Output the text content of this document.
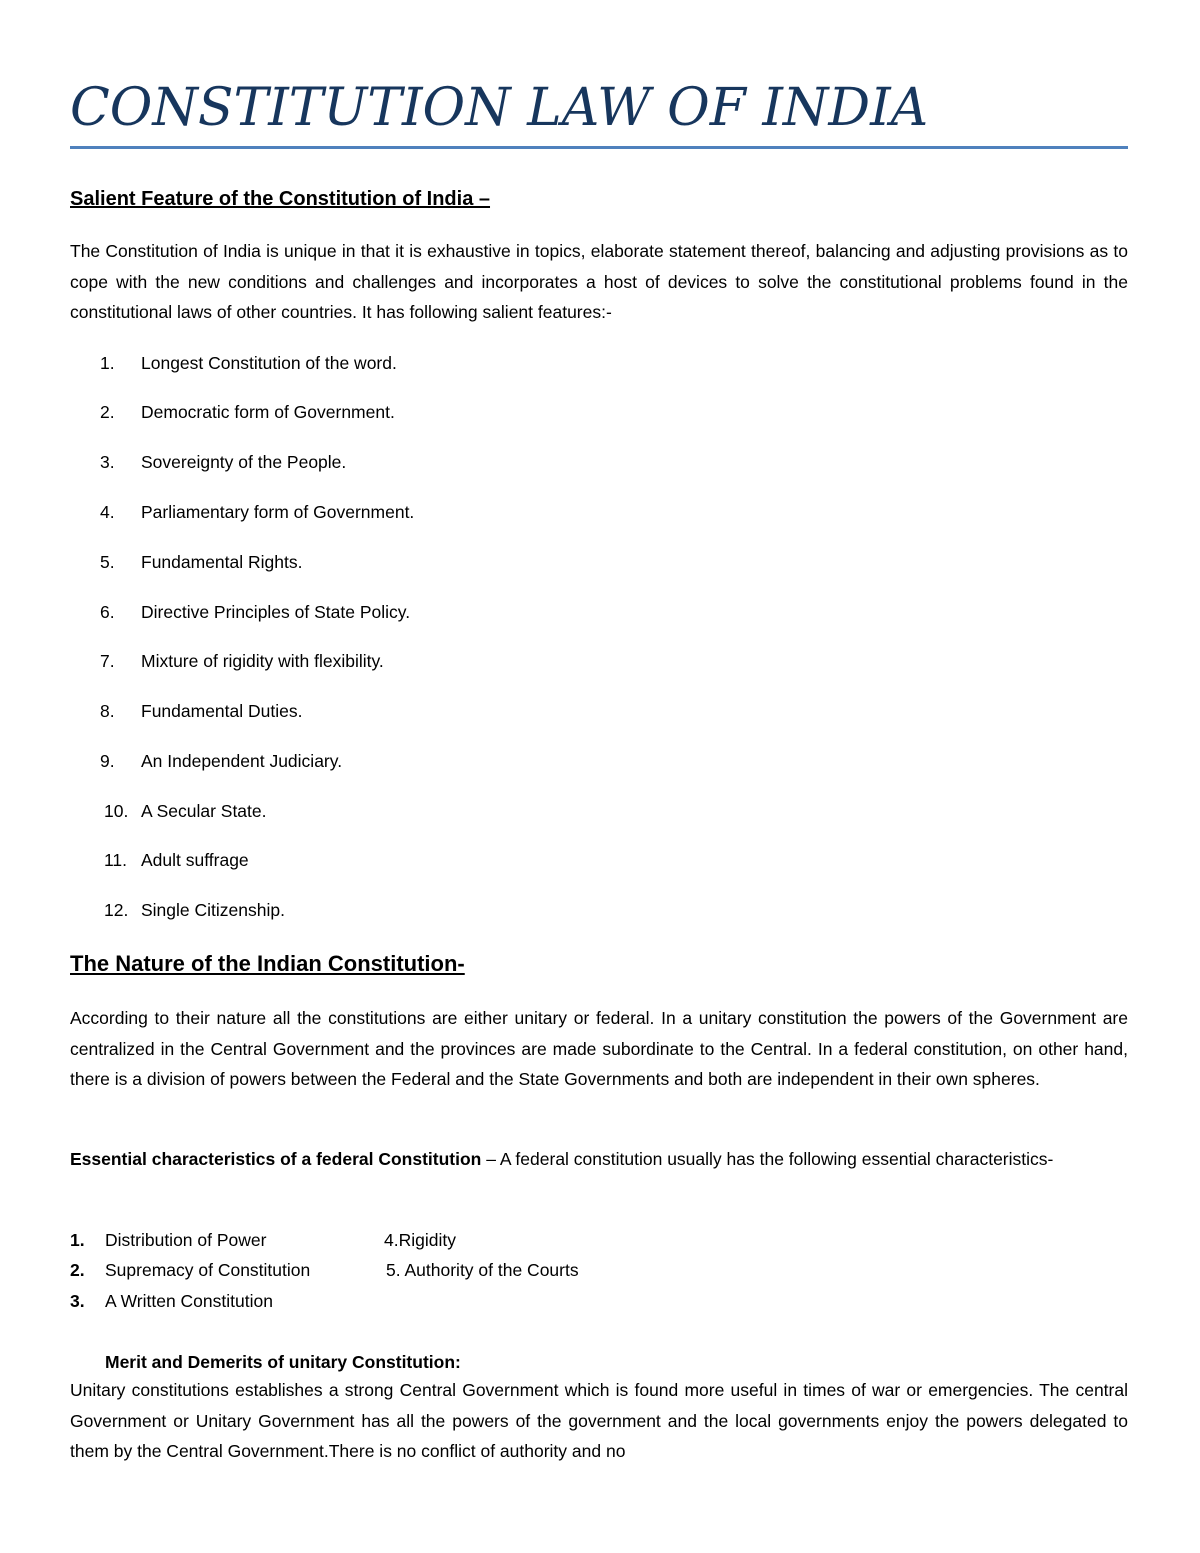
CONSTITUTION LAW OF INDIA
Salient Feature of the Constitution of India –

The Constitution of India is unique in that it is exhaustive in topics, elaborate statement thereof, balancing and adjusting provisions as to cope with the new conditions and challenges and incorporates a host of devices to solve the constitutional problems found in the constitutional laws of other countries. It has following salient features:-

1.	Longest Constitution of the word.
2.	Democratic form of Government.
3.	Sovereignty of the People.
4.	Parliamentary form of Government.
5.	Fundamental Rights.
6.	Directive Principles of State Policy.
7.	Mixture of rigidity with flexibility.
8.	Fundamental Duties.
9.	An Independent Judiciary.
10. A Secular State.
11. Adult suffrage
12. Single Citizenship.
The Nature of the Indian Constitution-

According to their nature all the constitutions are either unitary or federal. In a unitary constitution the powers of the Government are centralized in the Central Government and the provinces are made subordinate to the Central. In a federal constitution, on other hand, there is a division of powers between the Federal and the State Governments and both are independent in their own spheres.

Essential characteristics of a federal Constitution – A federal constitution usually has the following essential characteristics-

1.	Distribution of Power
2.	Supremacy of Constitution
3.	A Written Constitution
4.Rigidity
5. Authority of the Courts
Merit and Demerits of unitary Constitution:

Unitary constitutions establishes a strong Central Government which is found more useful in times of war or emergencies. The central Government or Unitary Government has all the powers of the government and the local governments enjoy the powers delegated to them by the Central Government.There is no conflict of authority and no
